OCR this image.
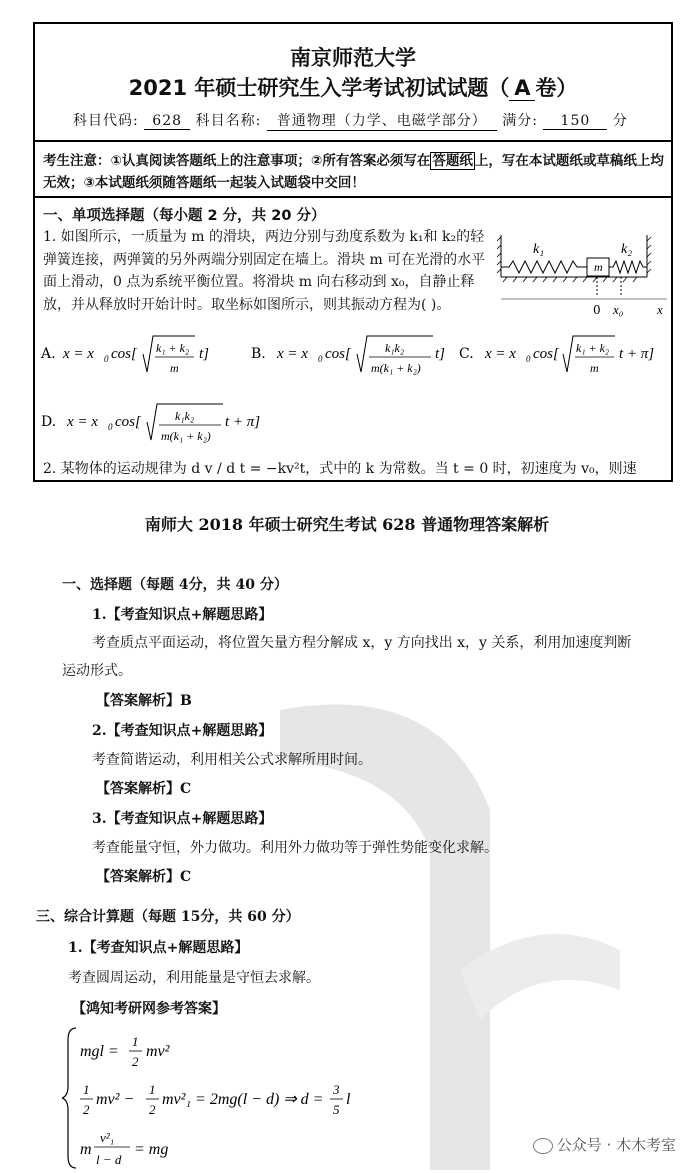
南京师范大学
2021 年硕士研究生入学考试初试试题（ A 卷）
科目代码: 628 科目名称: 普通物理（力学、电磁学部分） 满分: 150 分
考生注意：①认真阅读答题纸上的注意事项；②所有答案必须写在 答题纸 上，写在本试题纸或草稿纸上均无效；③本试题纸须随答题纸一起装入试题袋中交回！
一、单项选择题（每小题 2 分，共 20 分）
1. 如图所示，一质量为 m 的滑块，两边分别与劲度系数为 k₁和 k₂的轻弹簧连接，两弹簧的另外两端分别固定在墙上。滑块 m 可在光滑的水平面上滑动，0 点为系统平衡位置。将滑块 m 向右移动到 x₀，自静止释放，并从释放时开始计时。取坐标如图所示，则其振动方程为( )。
k₁	k₂
m
0 x₀	x
A. x = x 0 cos[ k₁ + k₂
m
t]	B. x = x 0 cos[	k₁k₂
m(k₁ + k₂)
t] C. x = x 0 cos[ k₁ + k₂
m
t + π]
D. x = x 0 cos[	k₁k₂
m(k₁ + k₂)
t + π]
2. 某物体的运动规律为 d v / d t = −kv²t，式中的 k 为常数。当 t = 0 时，初速度为 v₀，则速
南师大 2018 年硕士研究生考试 628 普通物理答案解析
一、选择题（每题 4分，共 40 分）
1.【考查知识点+解题思路】
考查质点平面运动，将位置矢量方程分解成 x，y 方向找出 x，y 关系，利用加速度判断
运动形式。
【答案解析】B
2.【考查知识点+解题思路】
考查简谐运动，利用相关公式求解所用时间。
【答案解析】C
3.【考查知识点+解题思路】
考查能量守恒，外力做功。利用外力做功等于弹性势能变化求解。
【答案解析】C
三、综合计算题（每题 15分，共 60 分）
1.【考查知识点+解题思路】
考查圆周运动，利用能量是守恒去求解。
【鸿知考研网参考答案】
mgl =
1
2
mv²
1
2
mv² −
1
2
mv²₁ = 2mg(l − d) ⇒ d =
3
5
l
m
v²₁
l − d
= mg	公众号 · 木木考室
